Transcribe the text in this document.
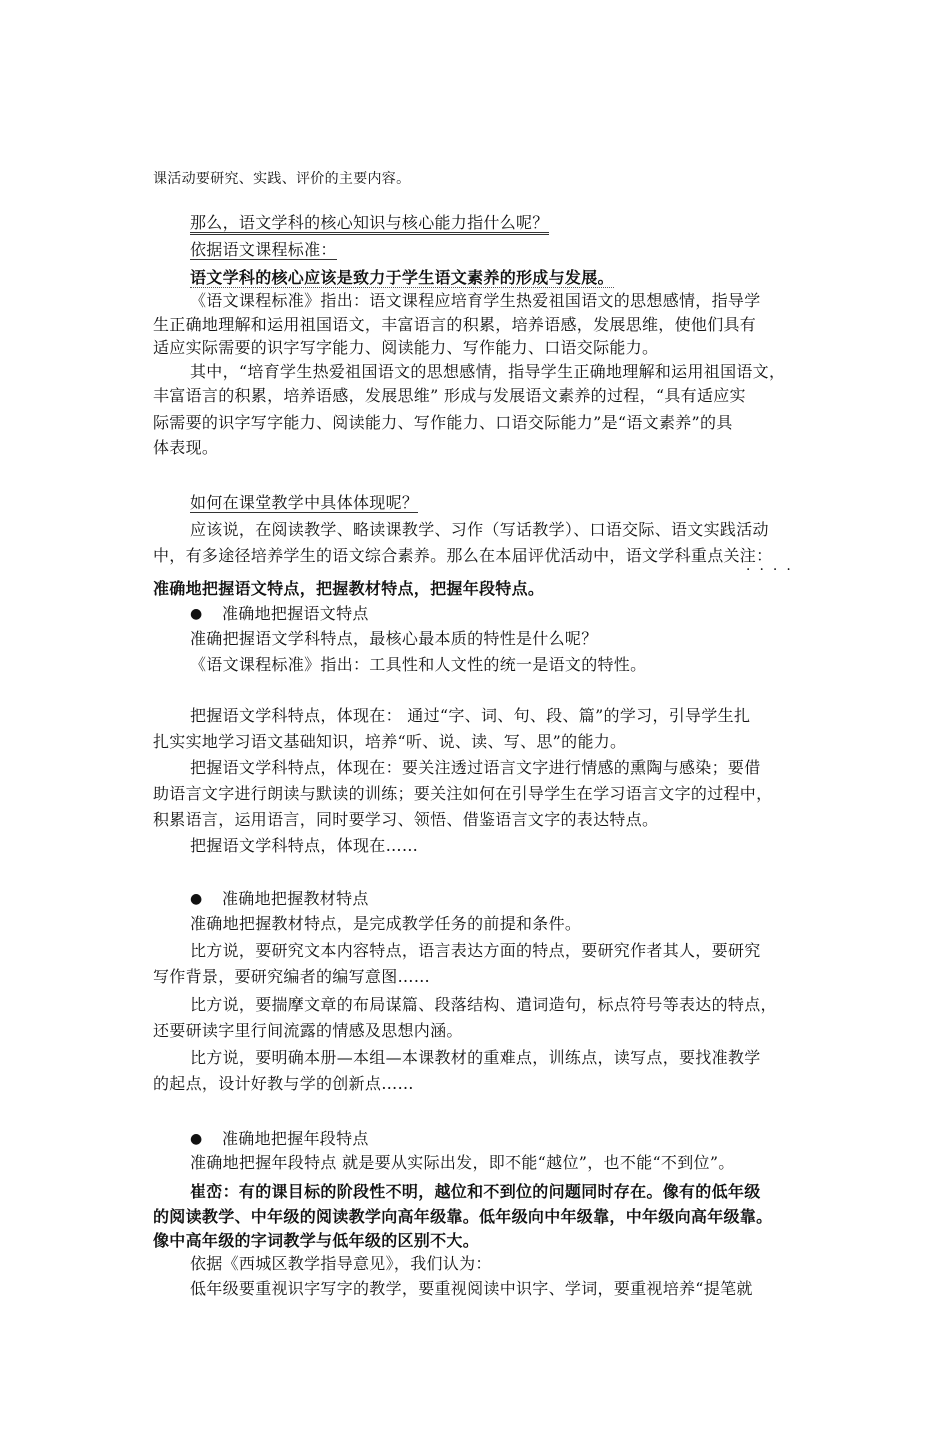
课活动要研究、实践、评价的主要内容。
那么，语文学科的核心知识与核心能力指什么呢？
依据语文课程标准：
语文学科的核心应该是致力于学生语文素养的形成与发展。
《语文课程标准》指出：语文课程应培育学生热爱祖国语文的思想感情，指导学
生正确地理解和运用祖国语文，丰富语言的积累，培养语感，发展思维，使他们具有
适应实际需要的识字写字能力、阅读能力、写作能力、口语交际能力。
其中，“培育学生热爱祖国语文的思想感情，指导学生正确地理解和运用祖国语文，
丰富语言的积累，培养语感，发展思维” 形成与发展语文素养的过程，“具有适应实
际需要的识字写字能力、阅读能力、写作能力、口语交际能力”是“语文素养”的具
体表现。
如何在课堂教学中具体体现呢？
应该说，在阅读教学、略读课教学、习作（写话教学）、口语交际、语文实践活动
中，有多途径培养学生的语文综合素养。那么在本届评优活动中，语文学科重点关注：
····
准确地把握语文特点，把握教材特点，把握年段特点。
● 准确地把握语文特点
准确把握语文学科特点，最核心最本质的特性是什么呢？
《语文课程标准》指出：工具性和人文性的统一是语文的特性。
把握语文学科特点，体现在： 通过“字、词、句、段、篇”的学习，引导学生扎
扎实实地学习语文基础知识，培养“听、说、读、写、思”的能力。
把握语文学科特点，体现在：要关注透过语言文字进行情感的熏陶与感染；要借
助语言文字进行朗读与默读的训练；要关注如何在引导学生在学习语言文字的过程中，
积累语言，运用语言，同时要学习、领悟、借鉴语言文字的表达特点。
把握语文学科特点，体现在……
● 准确地把握教材特点
准确地把握教材特点，是完成教学任务的前提和条件。
比方说，要研究文本内容特点，语言表达方面的特点，要研究作者其人，要研究
写作背景，要研究编者的编写意图……
比方说，要揣摩文章的布局谋篇、段落结构、遣词造句，标点符号等表达的特点，
还要研读字里行间流露的情感及思想内涵。
比方说，要明确本册—本组—本课教材的重难点，训练点，读写点，要找准教学
的起点，设计好教与学的创新点……
● 准确地把握年段特点
准确地把握年段特点 就是要从实际出发，即不能“越位”，也不能“不到位”。
崔峦：有的课目标的阶段性不明，越位和不到位的问题同时存在。像有的低年级
的阅读教学、中年级的阅读教学向高年级靠。低年级向中年级靠，中年级向高年级靠。
像中高年级的字词教学与低年级的区别不大。
依据《西城区教学指导意见》，我们认为：
低年级要重视识字写字的教学，要重视阅读中识字、学词，要重视培养“提笔就
